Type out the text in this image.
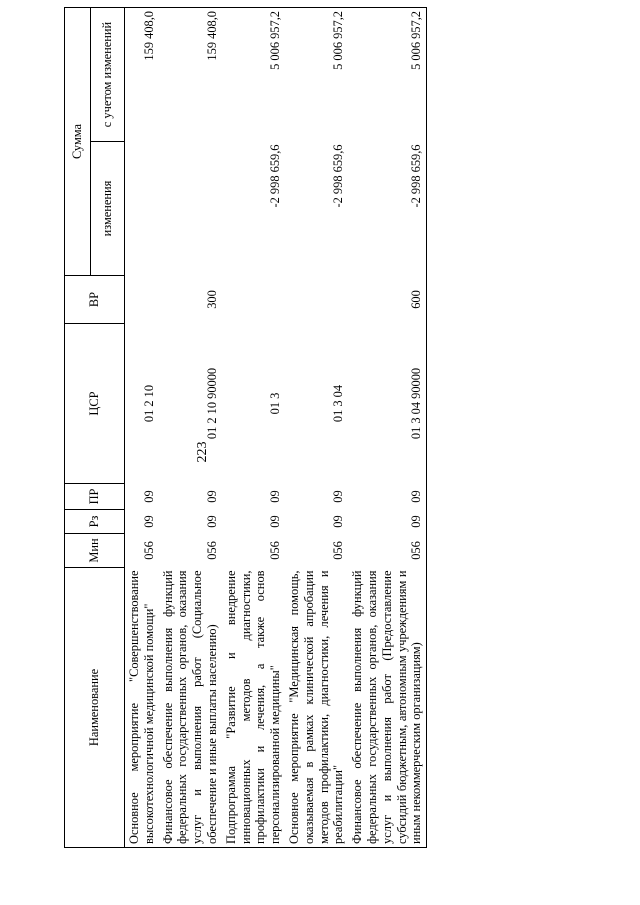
223
Наименование	Мин	Рз	ПР	ЦСР	ВР	Сумма	
						изменения	с учетом изменений
Основное мероприятие "Совершенствование высокотехнологичной медицинской помощи"	056	09	09	01 2 10			159 408,0
Финансовое обеспечение выполнения функций федеральных государственных органов, оказания услуг и выполнения работ (Социальное обеспечение и иные выплаты населению)	056	09	09	01 2 10 90000	300		159 408,0
Подпрограмма "Развитие и внедрение инновационных методов диагностики, профилактики и лечения, а также основ персонализированной медицины"	056	09	09	01 3		-2 998 659,6	5 006 957,2
Основное мероприятие "Медицинская помощь, оказываемая в рамках клинической апробации методов профилактики, диагностики, лечения и реабилитации"	056	09	09	01 3 04		-2 998 659,6	5 006 957,2
Финансовое обеспечение выполнения функций федеральных государственных органов, оказания услуг и выполнения работ (Предоставление субсидий бюджетным, автономным учреждениям и иным некоммерческим организациям)	056	09	09	01 3 04 90000	600	-2 998 659,6	5 006 957,2
